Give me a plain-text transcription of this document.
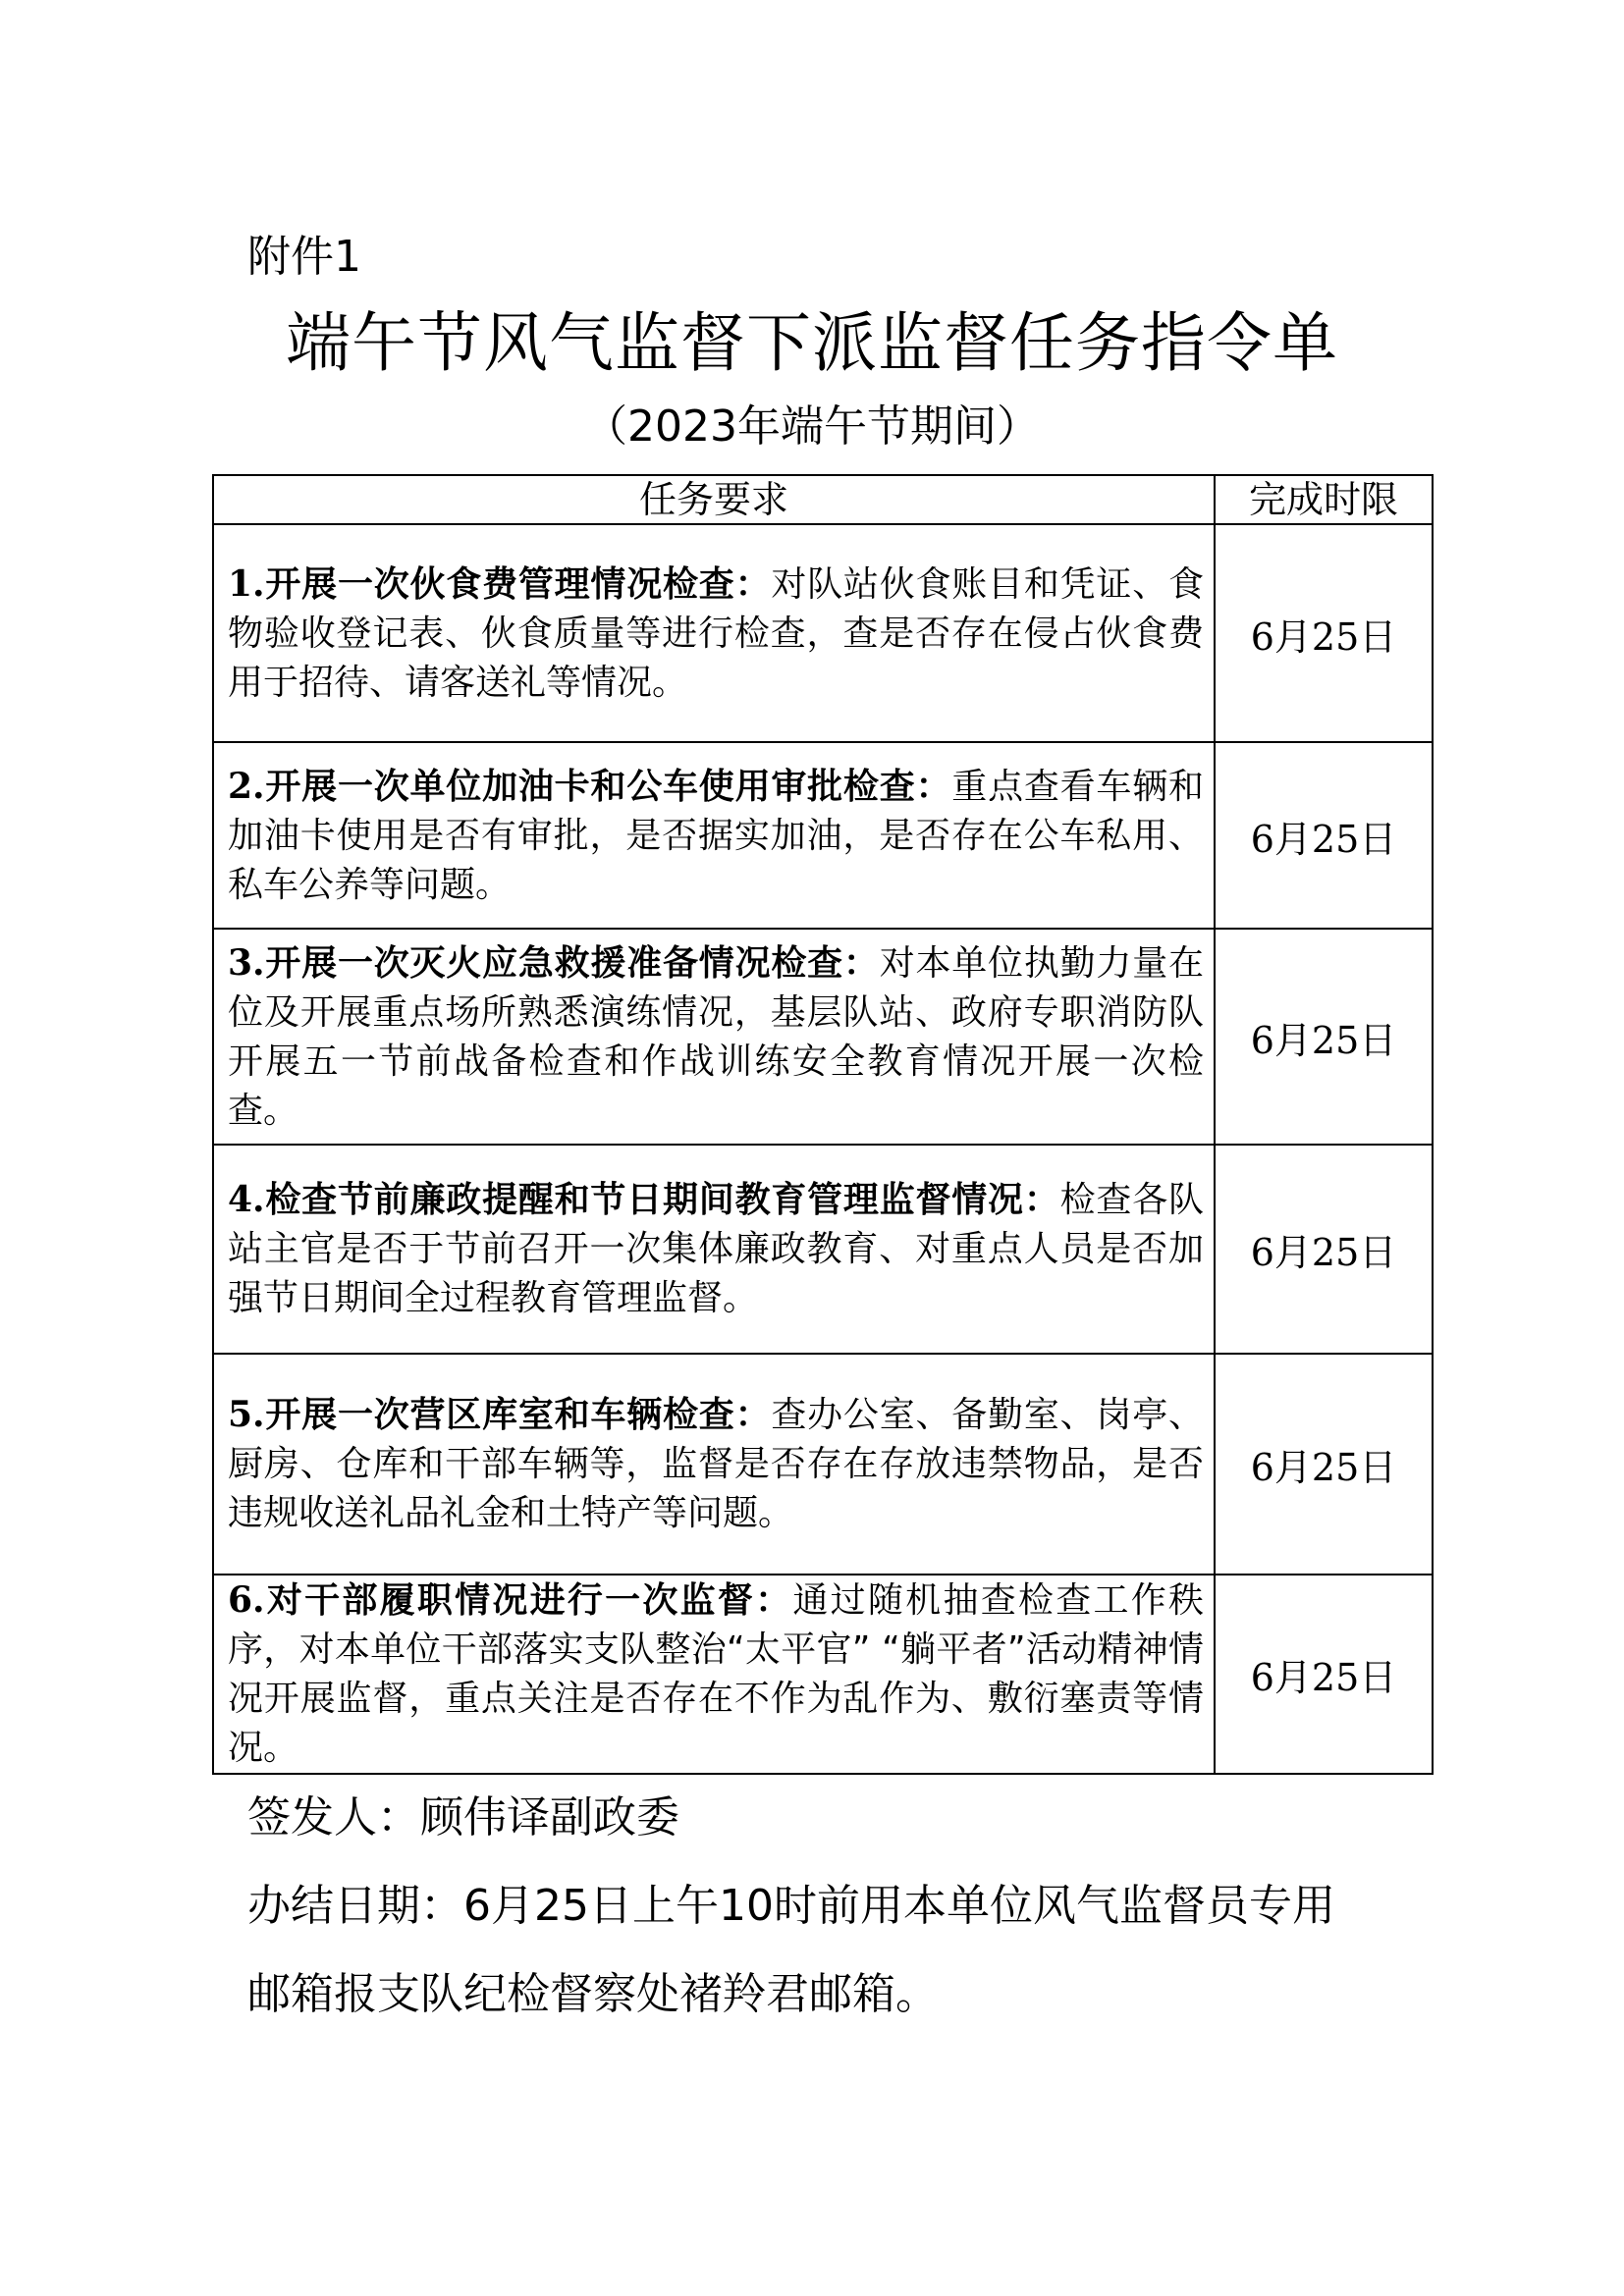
附件1
端午节风气监督下派监督任务指令单
（2023年端午节期间）
任务要求	完成时限
1.开展一次伙食费管理情况检查：对队站伙食账目和凭证、食物验收登记表、伙食质量等进行检查，查是否存在侵占伙食费用于招待、请客送礼等情况。	6月25日
2.开展一次单位加油卡和公车使用审批检查：重点查看车辆和加油卡使用是否有审批，是否据实加油，是否存在公车私用、私车公养等问题。	6月25日
3.开展一次灭火应急救援准备情况检查：对本单位执勤力量在位及开展重点场所熟悉演练情况，基层队站、政府专职消防队开展五一节前战备检查和作战训练安全教育情况开展一次检查。	6月25日
4.检查节前廉政提醒和节日期间教育管理监督情况：检查各队站主官是否于节前召开一次集体廉政教育、对重点人员是否加强节日期间全过程教育管理监督。	6月25日
5.开展一次营区库室和车辆检查：查办公室、备勤室、岗亭、厨房、仓库和干部车辆等，监督是否存在存放违禁物品，是否违规收送礼品礼金和土特产等问题。	6月25日
6.对干部履职情况进行一次监督：通过随机抽查检查工作秩序，对本单位干部落实支队整治“太平官” “躺平者”活动精神情况开展监督，重点关注是否存在不作为乱作为、敷衍塞责等情况。	6月25日
签发人：顾伟译副政委
办结日期：6月25日上午10时前用本单位风气监督员专用
邮箱报支队纪检督察处褚羚君邮箱。
